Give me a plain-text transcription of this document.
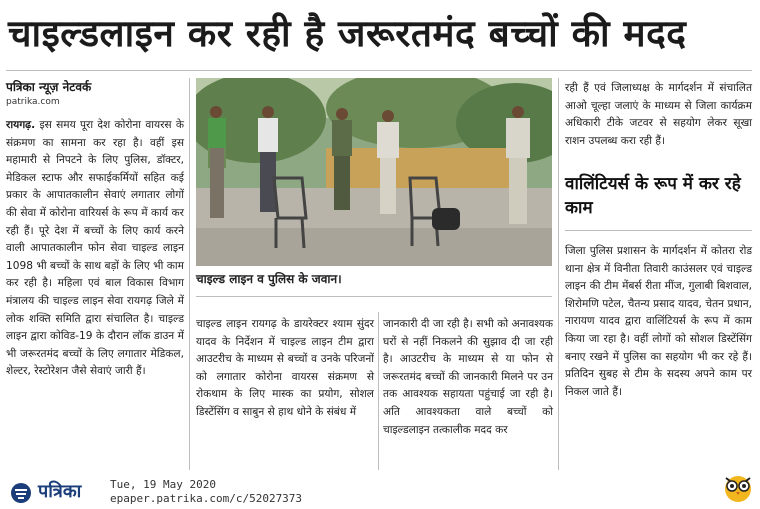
चाइल्डलाइन कर रही है जरूरतमंद बच्चों की मदद
पत्रिका न्यूज़ नेटवर्क
patrika.com

रायगढ़. इस समय पूरा देश कोरोना वायरस के संक्रमण का सामना कर रहा है। वहीं इस महामारी से निपटने के लिए पुलिस, डॉक्टर, मेडिकल स्टाफ और सफाईकर्मियों सहित कई प्रकार के आपातकालीन सेवाएं लगातार लोगों की सेवा में कोरोना वारियर्स के रूप में कार्य कर रही हैं। पूरे देश में बच्चों के लिए कार्य करने वाली आपातकालीन फोन सेवा चाइल्ड लाइन 1098 भी बच्चों के साथ बड़ों के लिए भी काम कर रही है। महिला एवं बाल विकास विभाग मंत्रालय की चाइल्ड लाइन सेवा रायगढ़ जिले में लोक शक्ति समिति द्वारा संचालित है। चाइल्ड लाइन द्वारा कोविड-19 के दौरान लॉक डाउन में भी जरूरतमंद बच्चों के लिए लगातार मेडिकल, शेल्टर, रेस्टोरेशन जैसे सेवाएं जारी हैं।

चाइल्ड लाइन व पुलिस के जवान।

चाइल्ड लाइन रायगढ़ के डायरेक्टर श्याम सुंदर यादव के निर्देशन में चाइल्ड लाइन टीम द्वारा आउटरीच के माध्यम से बच्चों व उनके परिजनों को लगातार कोरोना वायरस संक्रमण से रोकथाम के लिए मास्क का प्रयोग, सोशल डिस्टेंसिंग व साबुन से हाथ धोने के संबंध में

जानकारी दी जा रही है। सभी को अनावश्यक घरों से नहीं निकलने की सुझाव दी जा रही है। आउटरीच के माध्यम से या फोन से जरूरतमंद बच्चों की जानकारी मिलने पर उन तक आवश्यक सहायता पहुंचाई जा रही है। अति आवश्यकता वाले बच्चों को चाइल्डलाइन तत्कालीक मदद कर

रही हैं एवं जिलाध्यक्ष के मार्गदर्शन में संचालित आओ चूल्हा जलाएं के माध्यम से जिला कार्यक्रम अधिकारी टीके जटवर से सहयोग लेकर सूखा राशन उपलब्ध करा रही हैं।

वालिंटियर्स के रूप में कर रहे काम

जिला पुलिस प्रशासन के मार्गदर्शन में कोतरा रोड थाना क्षेत्र में विनीता तिवारी काउंसलर एवं चाइल्ड लाइन की टीम मेंबर्स रीता मींज, गुलाबी बिशवाल, शिरोमणि पटेल, चैतन्य प्रसाद यादव, चेतन प्रधान, नारायण यादव द्वारा वालिंटियर्स के रूप में काम किया जा रहा है। वहीं लोगों को सोशल डिस्टेंसिंग बनाए रखने में पुलिस का सहयोग भी कर रहे हैं। प्रतिदिन सुबह से टीम के सदस्य अपने काम पर निकल जाते हैं।

पत्रिका	Tue, 19 May 2020
epaper.patrika.com/c/52027373
